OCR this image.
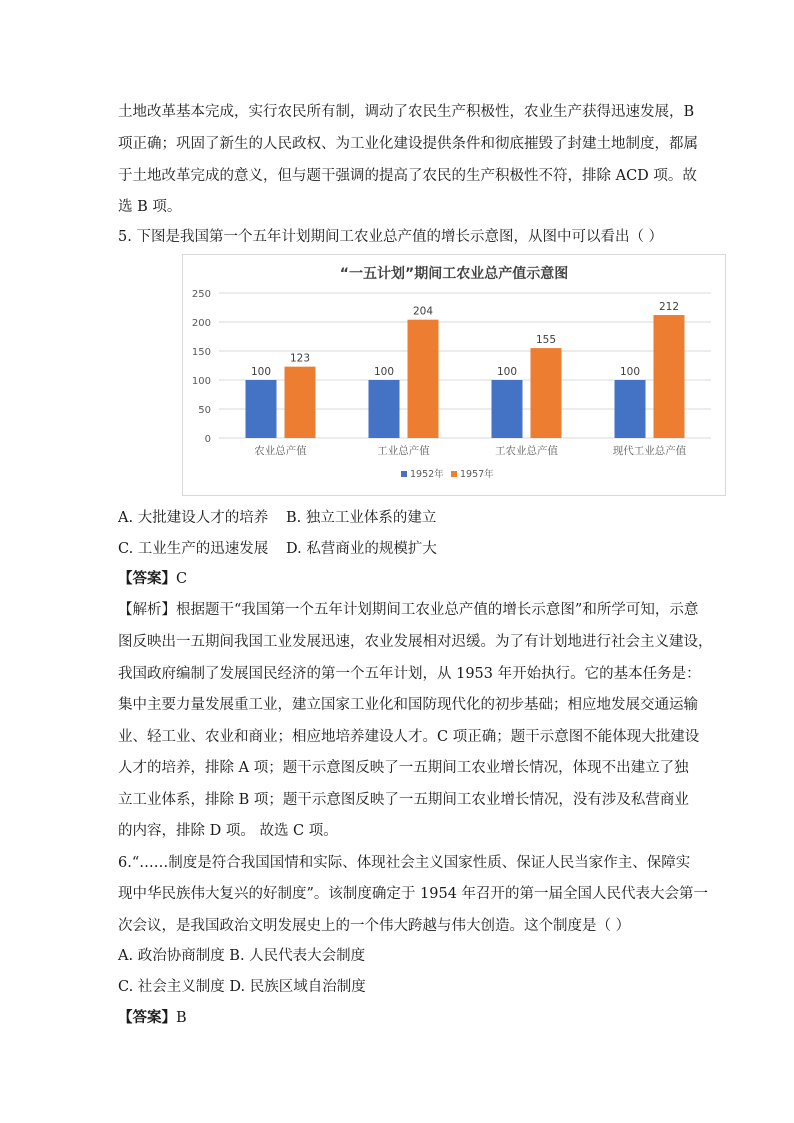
土地改革基本完成，实行农民所有制，调动了农民生产积极性，农业生产获得迅速发展，B
项正确；巩固了新生的人民政权、为工业化建设提供条件和彻底摧毁了封建土地制度，都属
于土地改革完成的意义，但与题干强调的提高了农民的生产积极性不符，排除 ACD 项。故
选 B 项。
5. 下图是我国第一个五年计划期间工农业总产值的增长示意图，从图中可以看出（ ）
“一五计划”期间工农业总产值示意图
0
50
100
150
200
250
100
123
农业总产值
100
204
工业总产值
100
155
工农业总产值
100
212
现代工业总产值
1952年 1957年
A. 大批建设人才的培养 B. 独立工业体系的建立
C. 工业生产的迅速发展 D. 私营商业的规模扩大
【答案】C
【解析】根据题干“我国第一个五年计划期间工农业总产值的增长示意图”和所学可知，示意
图反映出一五期间我国工业发展迅速，农业发展相对迟缓。为了有计划地进行社会主义建设，
我国政府编制了发展国民经济的第一个五年计划，从 1953 年开始执行。它的基本任务是：
集中主要力量发展重工业，建立国家工业化和国防现代化的初步基础；相应地发展交通运输
业、轻工业、农业和商业；相应地培养建设人才。C 项正确；题干示意图不能体现大批建设
人才的培养，排除 A 项；题干示意图反映了一五期间工农业增长情况，体现不出建立了独
立工业体系，排除 B 项；题干示意图反映了一五期间工农业增长情况，没有涉及私营商业
的内容，排除 D 项。 故选 C 项。
6.“……制度是符合我国国情和实际、体现社会主义国家性质、保证人民当家作主、保障实
现中华民族伟大复兴的好制度”。该制度确定于 1954 年召开的第一届全国人民代表大会第一
次会议，是我国政治文明发展史上的一个伟大跨越与伟大创造。这个制度是（ ）
A. 政治协商制度 B. 人民代表大会制度
C. 社会主义制度 D. 民族区域自治制度
【答案】B
